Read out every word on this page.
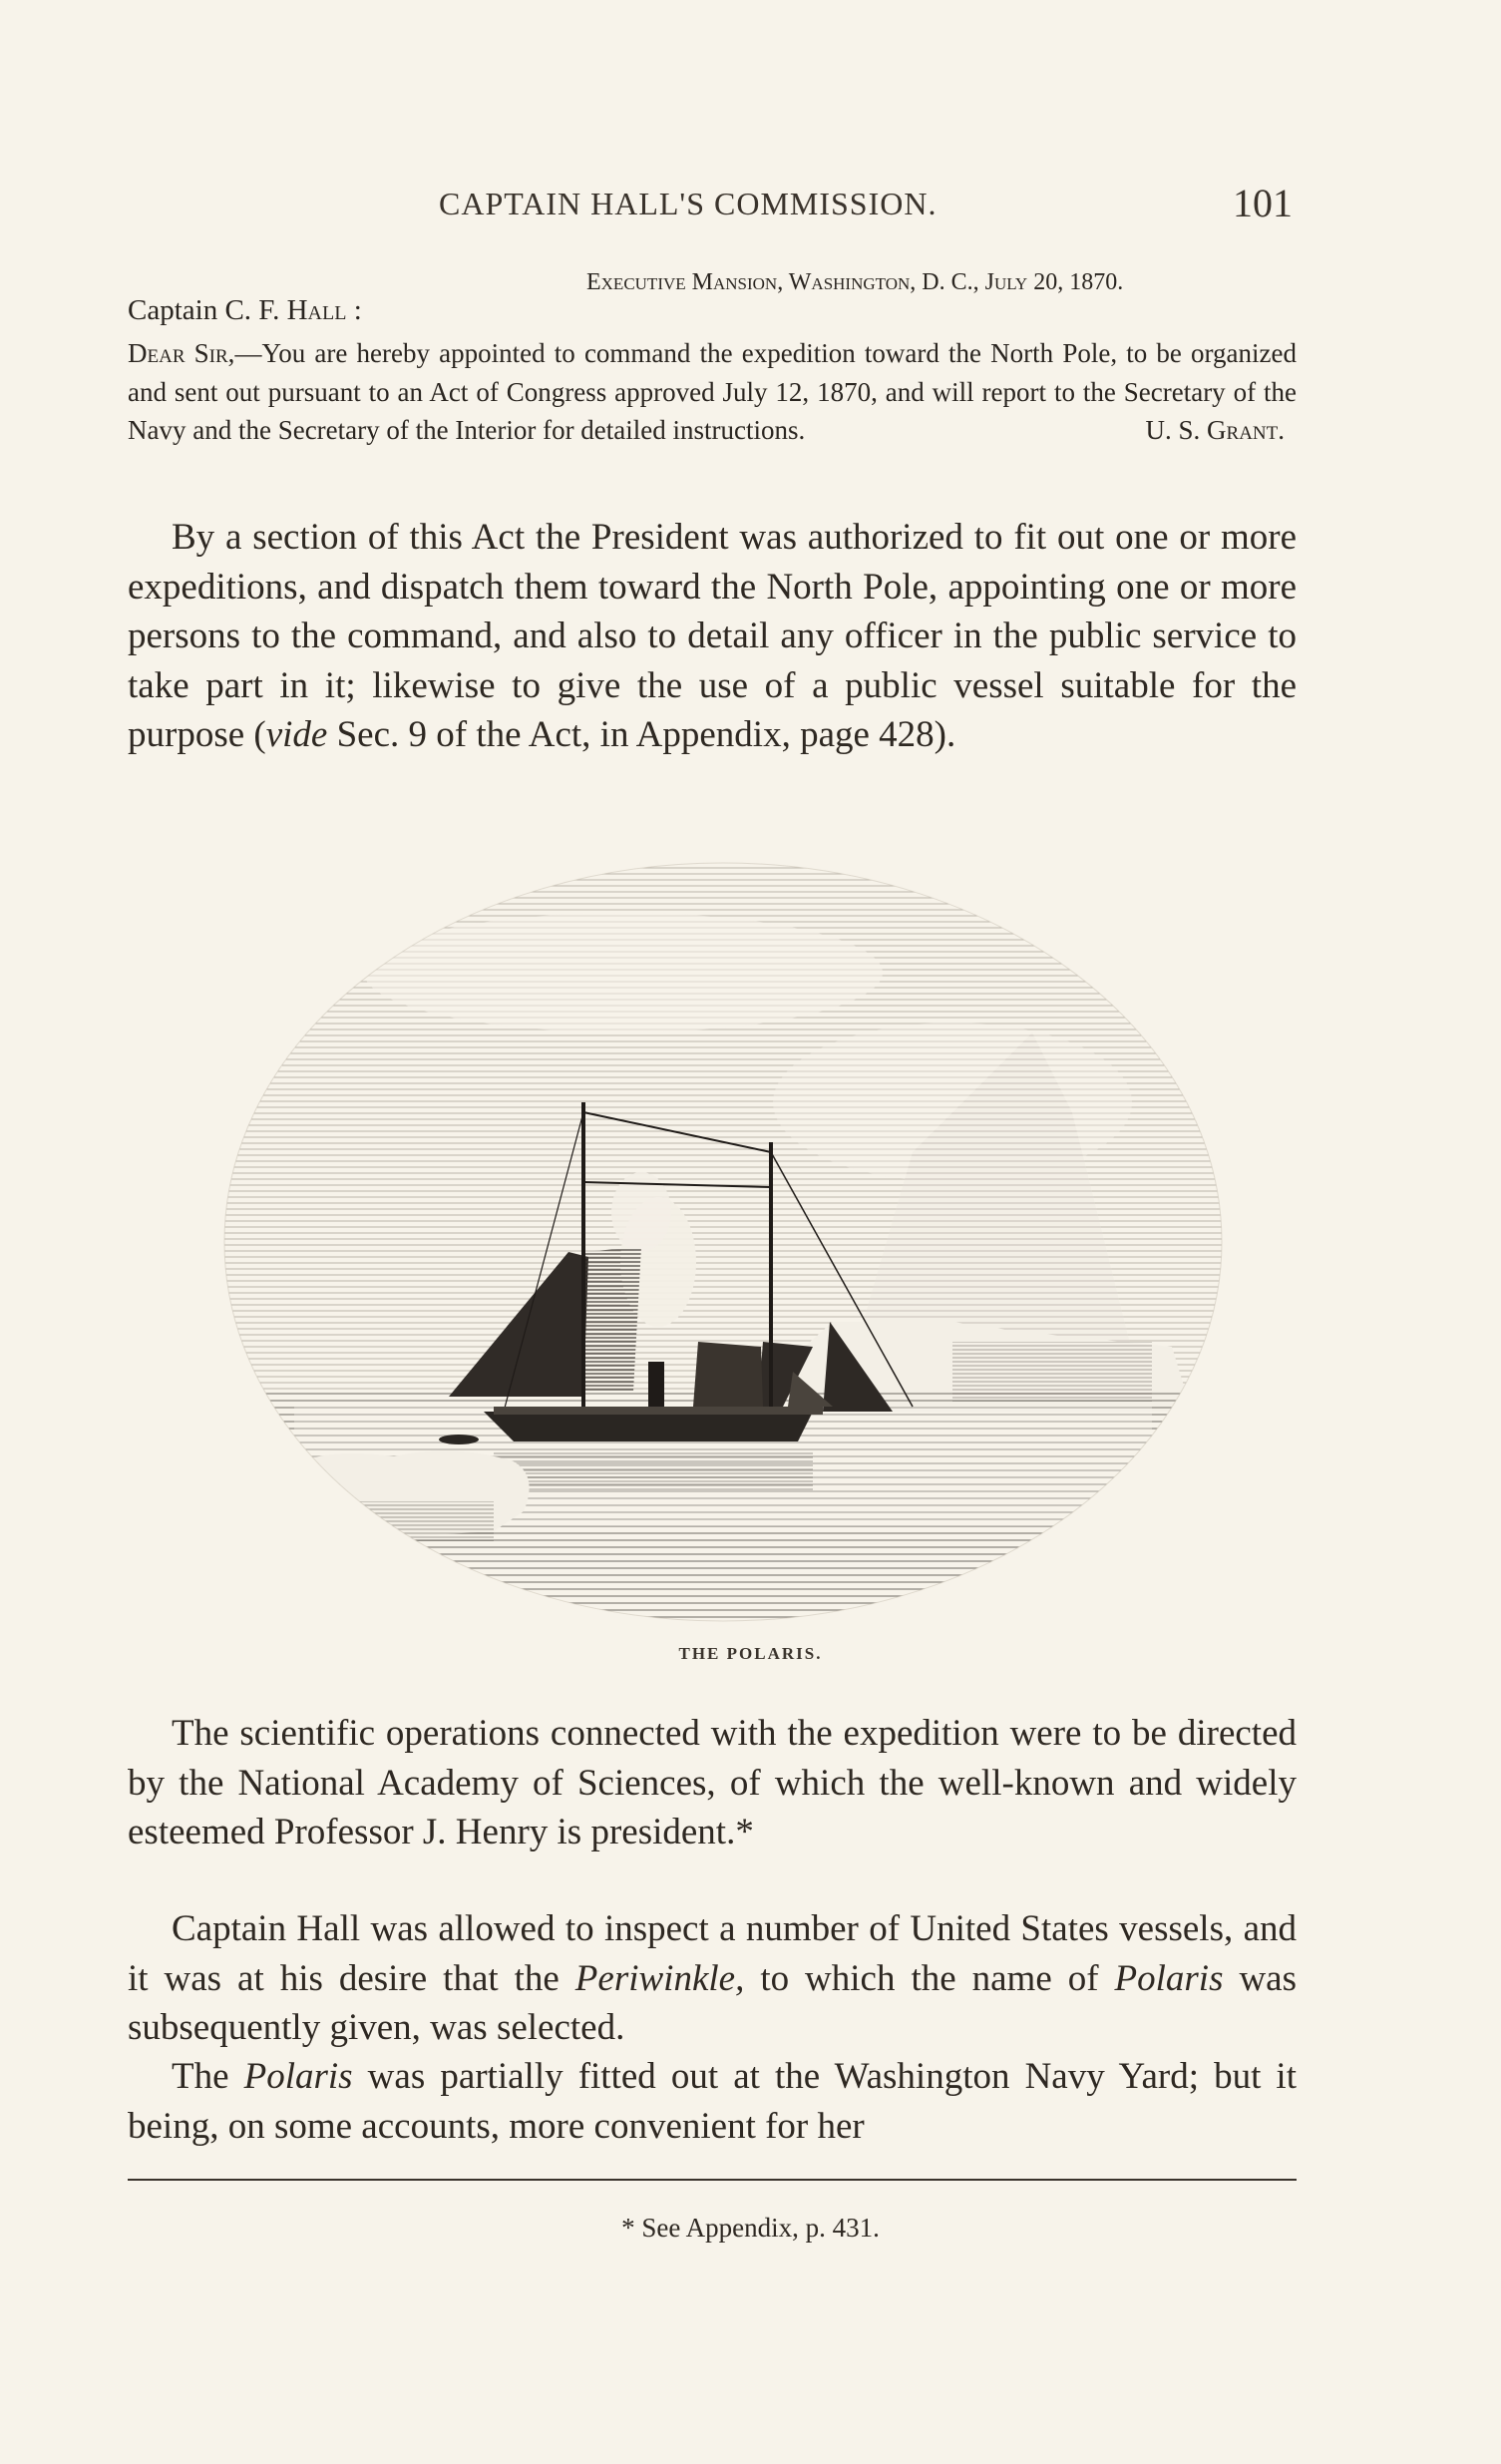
CAPTAIN HALL'S COMMISSION.	101
Executive Mansion, Washington, D. C., July 20, 1870.
Captain C. F. Hall :
Dear Sir,—You are hereby appointed to command the expedition toward the North Pole, to be organized and sent out pursuant to an Act of Congress approved July 12, 1870, and will report to the Secretary of the Navy and the Secretary of the Interior for detailed instructions.	U. S. Grant.
By a section of this Act the President was authorized to fit out one or more expeditions, and dispatch them toward the North Pole, appointing one or more persons to the command, and also to detail any officer in the public service to take part in it; likewise to give the use of a public vessel suitable for the purpose (vide Sec. 9 of the Act, in Appendix, page 428).
THE POLARIS.
The scientific operations connected with the expedition were to be directed by the National Academy of Sciences, of which the well-known and widely esteemed Professor J. Henry is president.*
Captain Hall was allowed to inspect a number of United States vessels, and it was at his desire that the Periwinkle, to which the name of Polaris was subsequently given, was selected.
The Polaris was partially fitted out at the Washington Navy Yard; but it being, on some accounts, more convenient for her
* See Appendix, p. 431.
